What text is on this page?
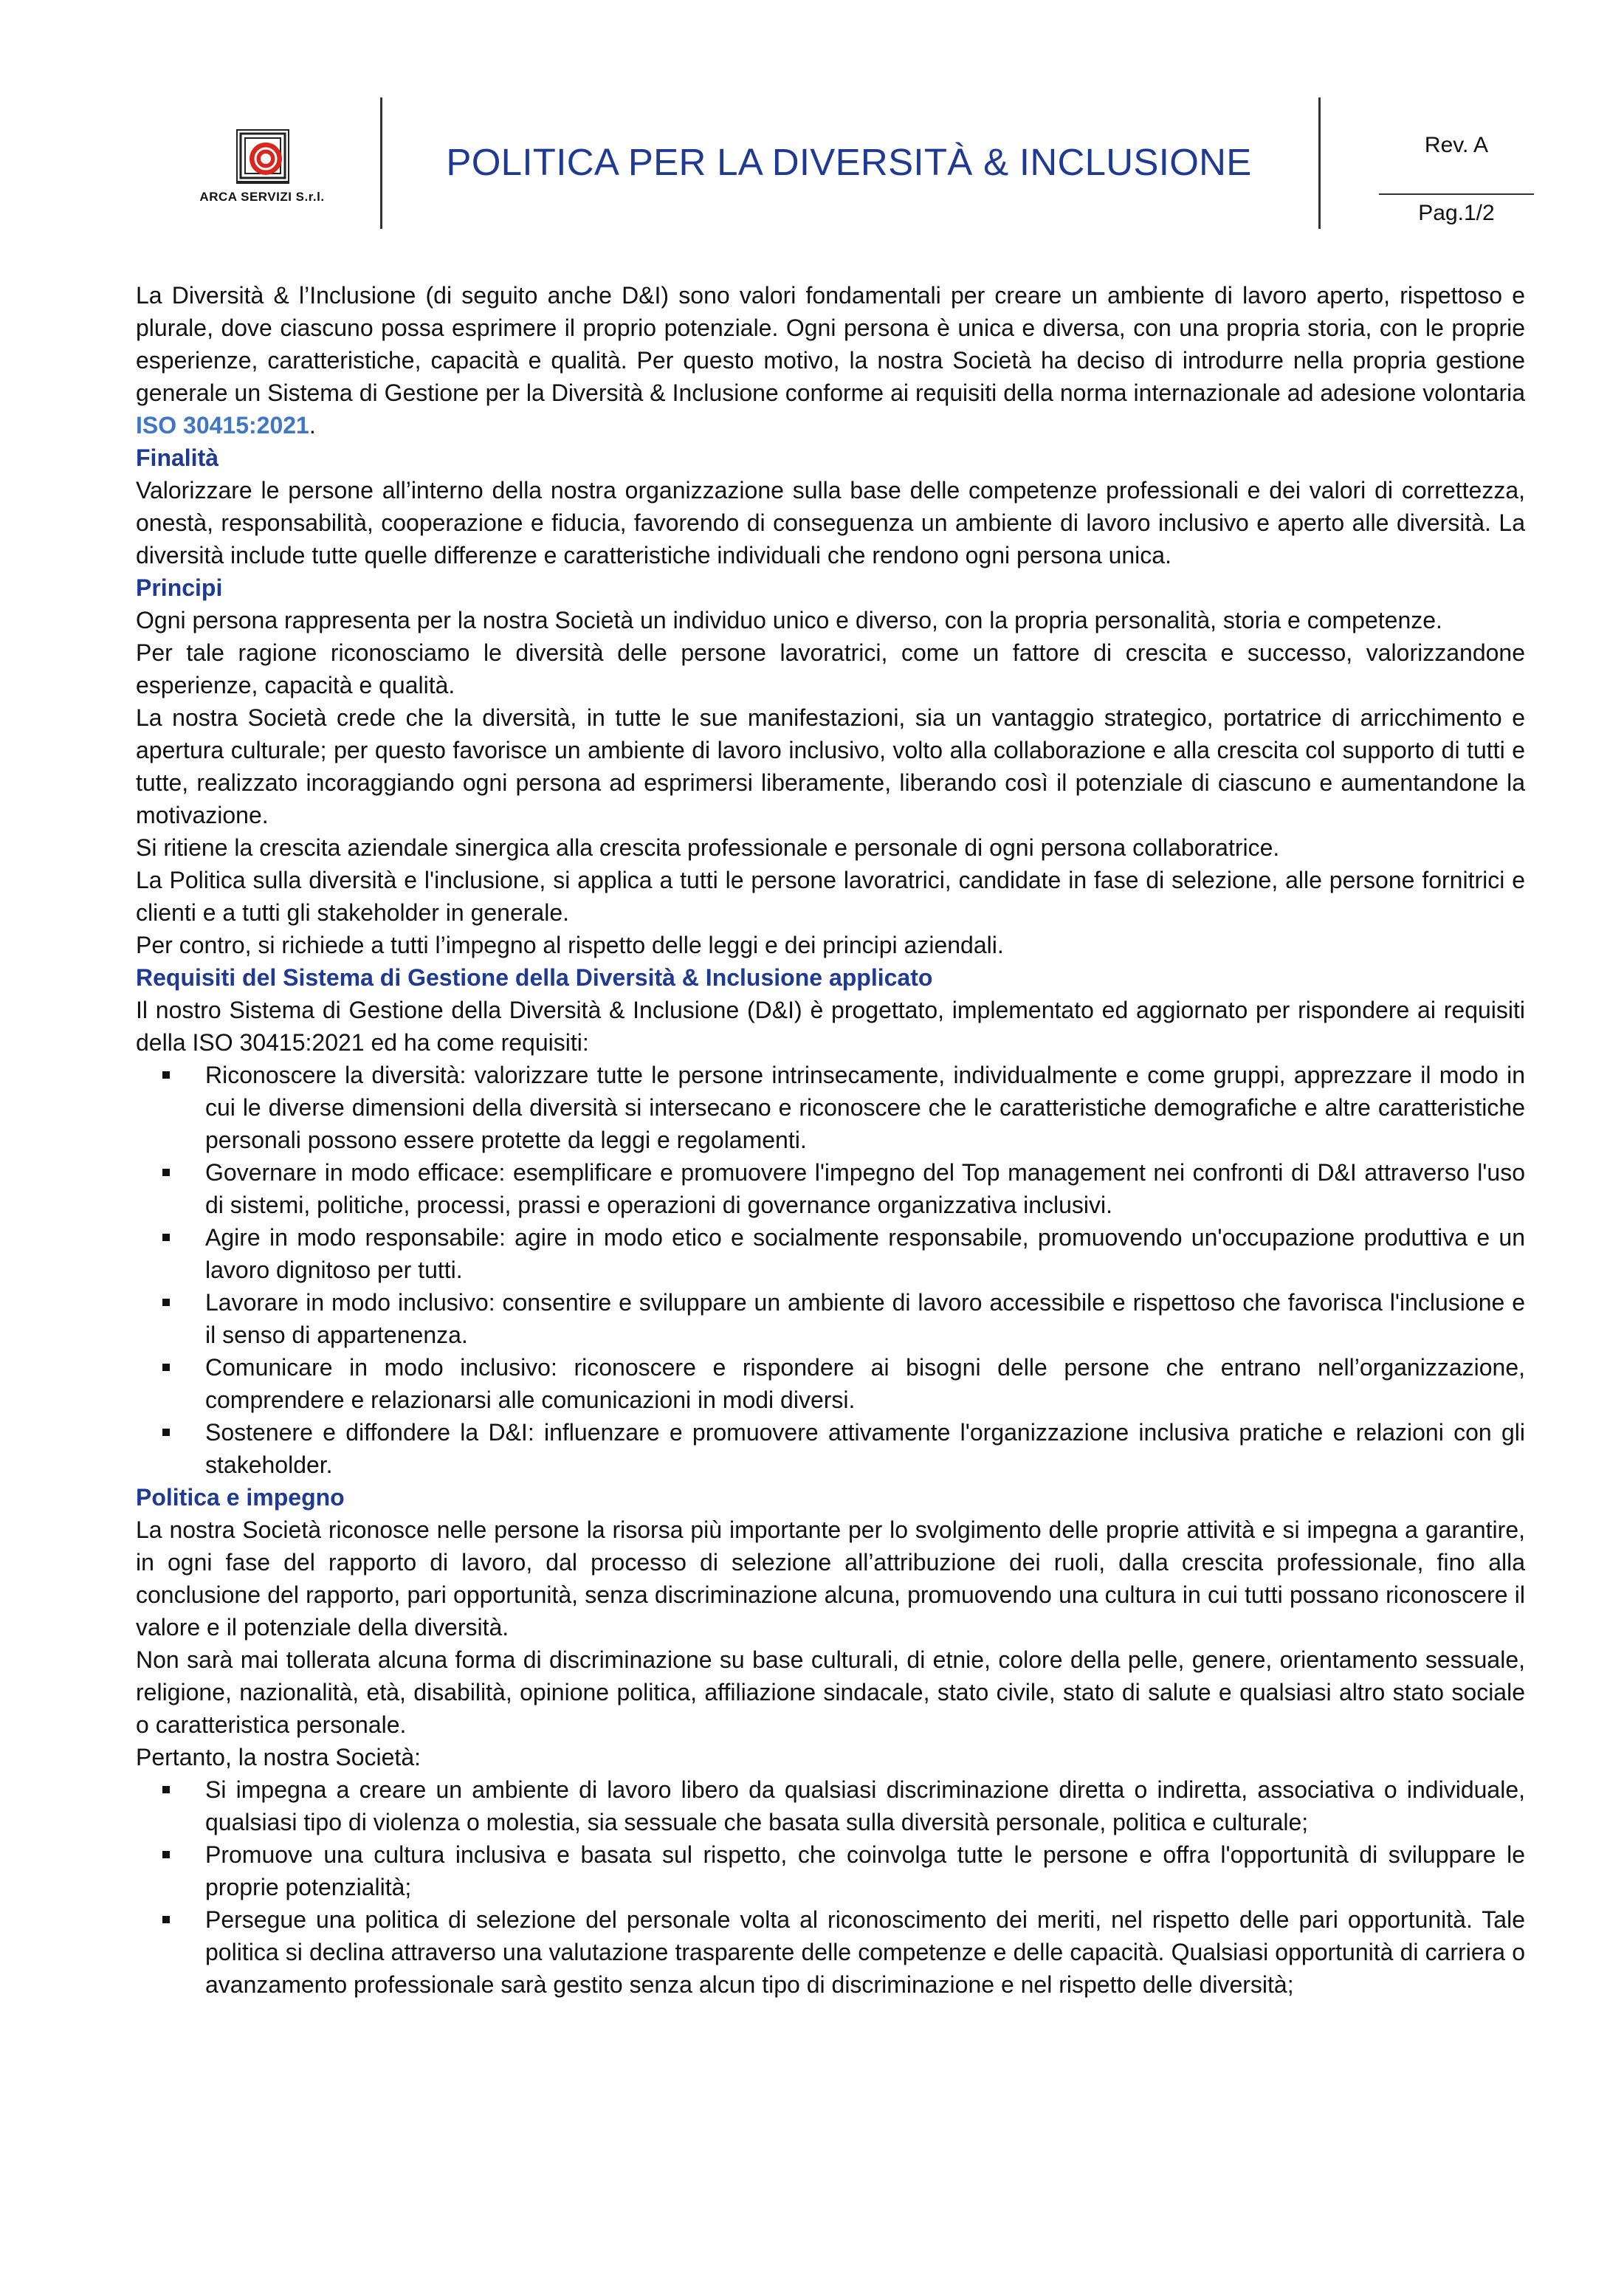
ARCA SERVIZI S.r.l.
POLITICA PER LA DIVERSITÀ & INCLUSIONE	Rev. A
Pag.1/2

La Diversità & l’Inclusione (di seguito anche D&I) sono valori fondamentali per creare un ambiente di lavoro aperto, rispettoso e plurale, dove ciascuno possa esprimere il proprio potenziale. Ogni persona è unica e diversa, con una propria storia, con le proprie esperienze, caratteristiche, capacità e qualità. Per questo motivo, la nostra Società ha deciso di introdurre nella propria gestione generale un Sistema di Gestione per la Diversità & Inclusione conforme ai requisiti della norma internazionale ad adesione volontaria ISO 30415:2021.

Finalità

Valorizzare le persone all’interno della nostra organizzazione sulla base delle competenze professionali e dei valori di correttezza, onestà, responsabilità, cooperazione e fiducia, favorendo di conseguenza un ambiente di lavoro inclusivo e aperto alle diversità. La diversità include tutte quelle differenze e caratteristiche individuali che rendono ogni persona unica.

Principi

Ogni persona rappresenta per la nostra Società un individuo unico e diverso, con la propria personalità, storia e competenze.

Per tale ragione riconosciamo le diversità delle persone lavoratrici, come un fattore di crescita e successo, valorizzandone esperienze, capacità e qualità.

La nostra Società crede che la diversità, in tutte le sue manifestazioni, sia un vantaggio strategico, portatrice di arricchimento e apertura culturale; per questo favorisce un ambiente di lavoro inclusivo, volto alla collaborazione e alla crescita col supporto di tutti e tutte, realizzato incoraggiando ogni persona ad esprimersi liberamente, liberando così il potenziale di ciascuno e aumentandone la motivazione.

Si ritiene la crescita aziendale sinergica alla crescita professionale e personale di ogni persona collaboratrice.

La Politica sulla diversità e l'inclusione, si applica a tutti le persone lavoratrici, candidate in fase di selezione, alle persone fornitrici e clienti e a tutti gli stakeholder in generale.

Per contro, si richiede a tutti l’impegno al rispetto delle leggi e dei principi aziendali.

Requisiti del Sistema di Gestione della Diversità & Inclusione applicato

Il nostro Sistema di Gestione della Diversità & Inclusione (D&I) è progettato, implementato ed aggiornato per rispondere ai requisiti della ISO 30415:2021 ed ha come requisiti:

Riconoscere la diversità: valorizzare tutte le persone intrinsecamente, individualmente e come gruppi, apprezzare il modo in cui le diverse dimensioni della diversità si intersecano e riconoscere che le caratteristiche demografiche e altre caratteristiche personali possono essere protette da leggi e regolamenti.
Governare in modo efficace: esemplificare e promuovere l'impegno del Top management nei confronti di D&I attraverso l'uso di sistemi, politiche, processi, prassi e operazioni di governance organizzativa inclusivi.
Agire in modo responsabile: agire in modo etico e socialmente responsabile, promuovendo un'occupazione produttiva e un lavoro dignitoso per tutti.
Lavorare in modo inclusivo: consentire e sviluppare un ambiente di lavoro accessibile e rispettoso che favorisca l'inclusione e il senso di appartenenza.
Comunicare in modo inclusivo: riconoscere e rispondere ai bisogni delle persone che entrano nell’organizzazione, comprendere e relazionarsi alle comunicazioni in modi diversi.
Sostenere e diffondere la D&I: influenzare e promuovere attivamente l'organizzazione inclusiva pratiche e relazioni con gli stakeholder.
Politica e impegno

La nostra Società riconosce nelle persone la risorsa più importante per lo svolgimento delle proprie attività e si impegna a garantire, in ogni fase del rapporto di lavoro, dal processo di selezione all’attribuzione dei ruoli, dalla crescita professionale, fino alla conclusione del rapporto, pari opportunità, senza discriminazione alcuna, promuovendo una cultura in cui tutti possano riconoscere il valore e il potenziale della diversità.

Non sarà mai tollerata alcuna forma di discriminazione su base culturali, di etnie, colore della pelle, genere, orientamento sessuale, religione, nazionalità, età, disabilità, opinione politica, affiliazione sindacale, stato civile, stato di salute e qualsiasi altro stato sociale o caratteristica personale.

Pertanto, la nostra Società:

Si impegna a creare un ambiente di lavoro libero da qualsiasi discriminazione diretta o indiretta, associativa o individuale, qualsiasi tipo di violenza o molestia, sia sessuale che basata sulla diversità personale, politica e culturale;
Promuove una cultura inclusiva e basata sul rispetto, che coinvolga tutte le persone e offra l'opportunità di sviluppare le proprie potenzialità;
Persegue una politica di selezione del personale volta al riconoscimento dei meriti, nel rispetto delle pari opportunità. Tale politica si declina attraverso una valutazione trasparente delle competenze e delle capacità. Qualsiasi opportunità di carriera o avanzamento professionale sarà gestito senza alcun tipo di discriminazione e nel rispetto delle diversità;
